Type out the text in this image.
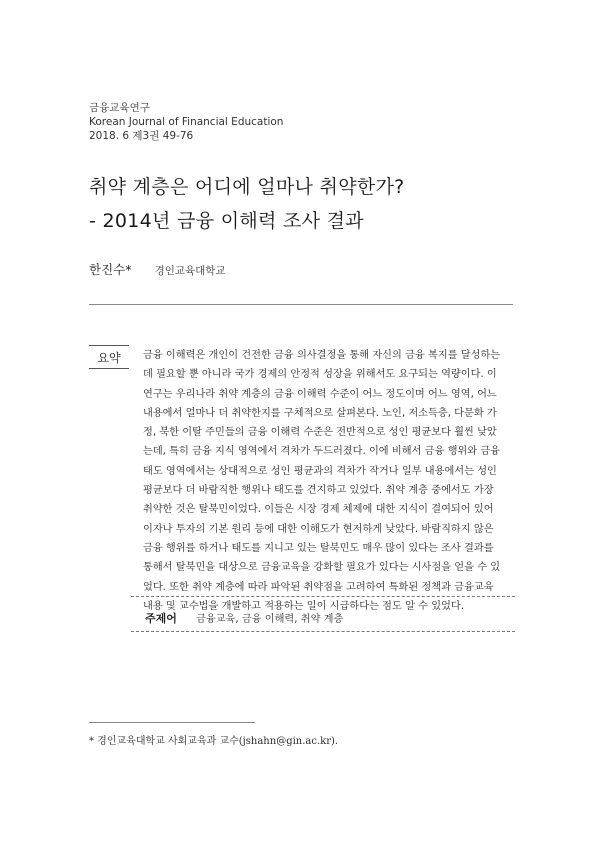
금융교육연구
Korean Journal of Financial Education
2018. 6 제3권 49-76
취약 계층은 어디에 얼마나 취약한가?
- 2014년 금융 이해력 조사 결과
한진수* 경인교육대학교
요약	금융 이해력은 개인이 건전한 금융 의사결정을 통해 자신의 금융 복지를 달성하는
데 필요할 뿐 아니라 국가 경제의 안정적 성장을 위해서도 요구되는 역량이다. 이
연구는 우리나라 취약 계층의 금융 이해력 수준이 어느 정도이며 어느 영역, 어느
내용에서 얼마나 더 취약한지를 구체적으로 살펴본다. 노인, 저소득층, 다문화 가
정, 북한 이탈 주민들의 금융 이해력 수준은 전반적으로 성인 평균보다 훨씬 낮았
는데, 특히 금융 지식 영역에서 격차가 두드러졌다. 이에 비해서 금융 행위와 금융
태도 영역에서는 상대적으로 성인 평균과의 격차가 작거나 일부 내용에서는 성인
평균보다 더 바람직한 행위나 태도를 견지하고 있었다. 취약 계층 중에서도 가장
취약한 것은 탈북민이었다. 이들은 시장 경제 체제에 대한 지식이 결여되어 있어
이자나 투자의 기본 원리 등에 대한 이해도가 현저하게 낮았다. 바람직하지 않은
금융 행위를 하거나 태도를 지니고 있는 탈북민도 매우 많이 있다는 조사 결과를
통해서 탈북민을 대상으로 금융교육을 강화할 필요가 있다는 시사점을 얻을 수 있
었다. 또한 취약 계층에 따라 파악된 취약점을 고려하여 특화된 정책과 금융교육
내용 및 교수법을 개발하고 적용하는 일이 시급하다는 점도 알 수 있었다.
주제어 금융교육, 금융 이해력, 취약 계층
* 경인교육대학교 사회교육과 교수(jshahn@gin.ac.kr).
